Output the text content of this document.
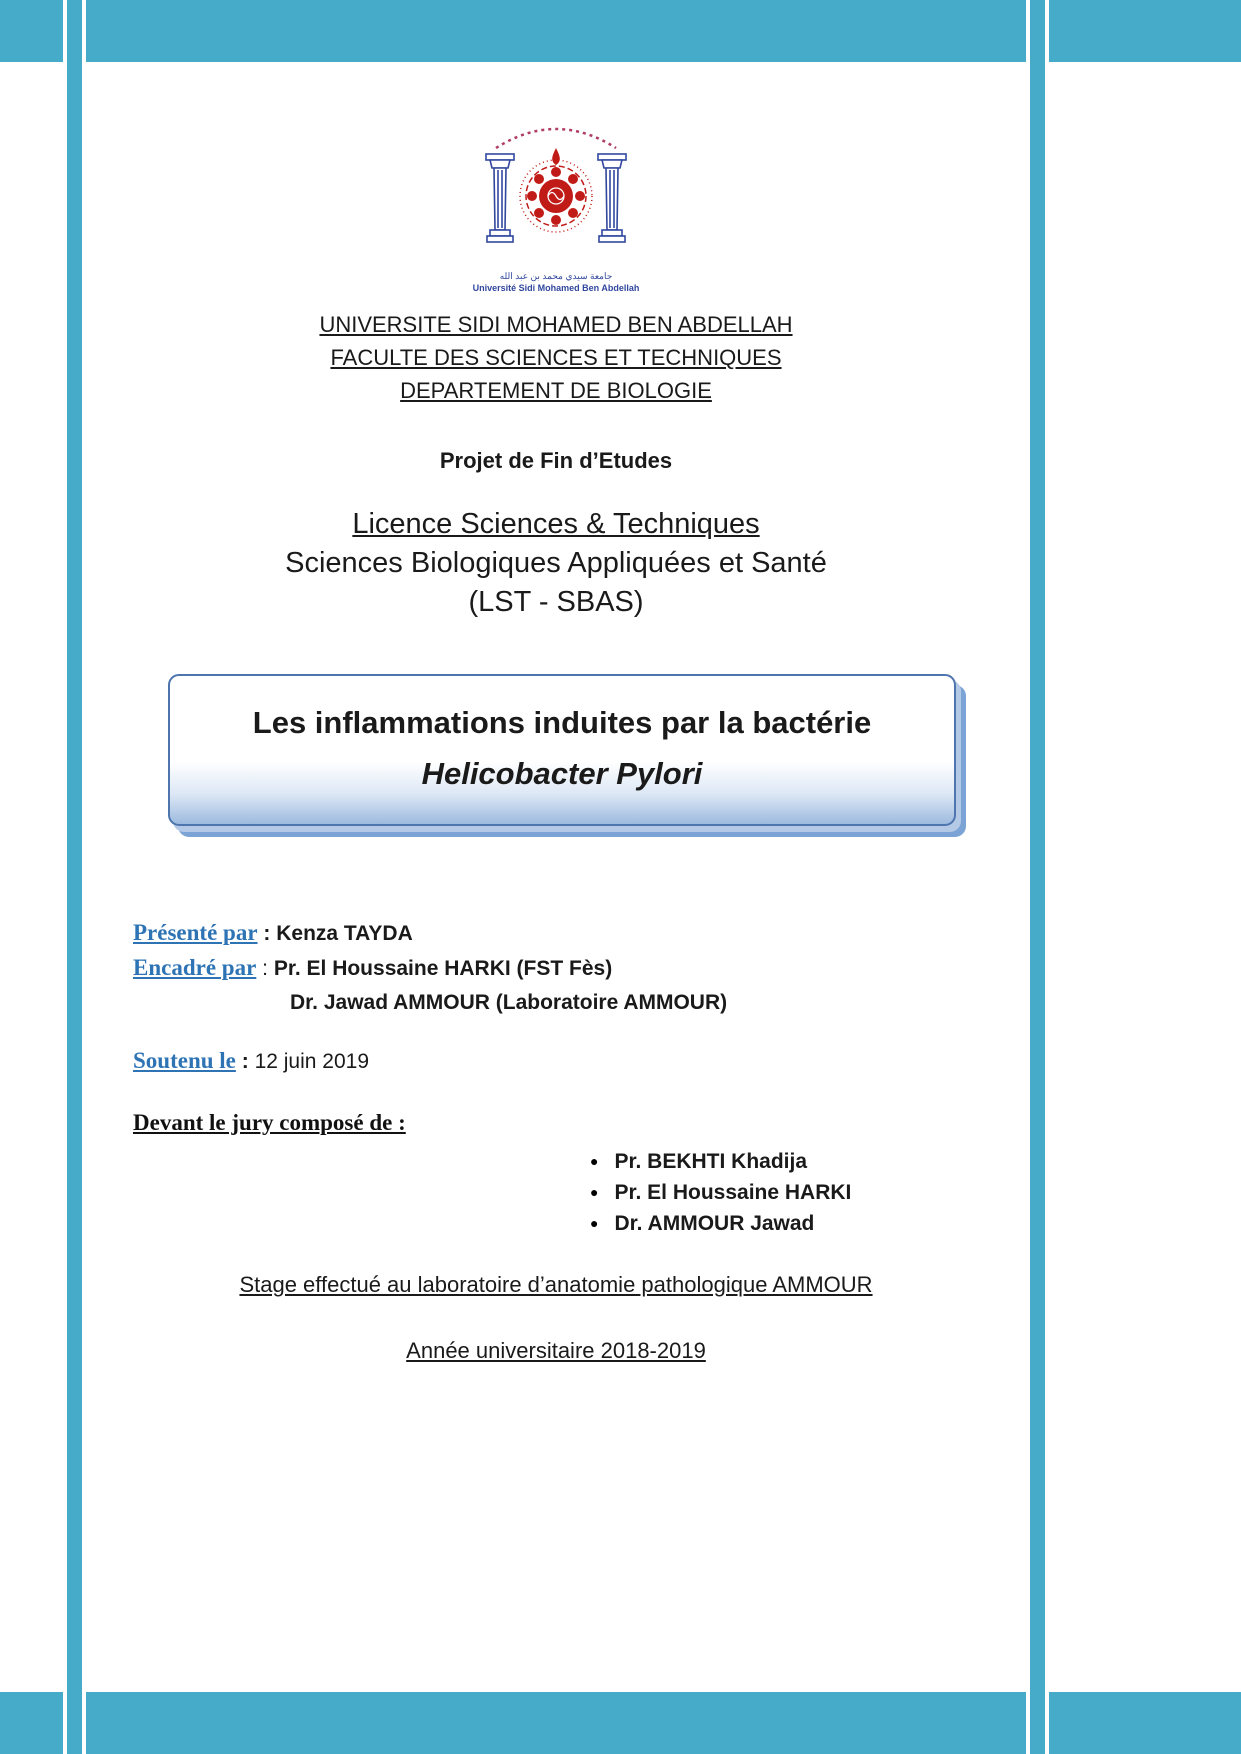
جامعة سيدي محمد بن عبد الله
Université Sidi Mohamed Ben Abdellah
UNIVERSITE SIDI MOHAMED BEN ABDELLAH
FACULTE DES SCIENCES ET TECHNIQUES
DEPARTEMENT DE BIOLOGIE
Projet de Fin d’Etudes
Licence Sciences & Techniques
Sciences Biologiques Appliquées et Santé
(LST - SBAS)
Les inflammations induites par la bactérie
Helicobacter Pylori
Présenté par : Kenza TAYDA
Encadré par : Pr. El Houssaine HARKI (FST Fès)
Dr. Jawad AMMOUR (Laboratoire AMMOUR)
Soutenu le : 12 juin 2019
Devant le jury composé de :
● Pr. BEKHTI Khadija
● Pr. El Houssaine HARKI
● Dr. AMMOUR Jawad
Stage effectué au laboratoire d’anatomie pathologique AMMOUR
Année universitaire 2018-2019
